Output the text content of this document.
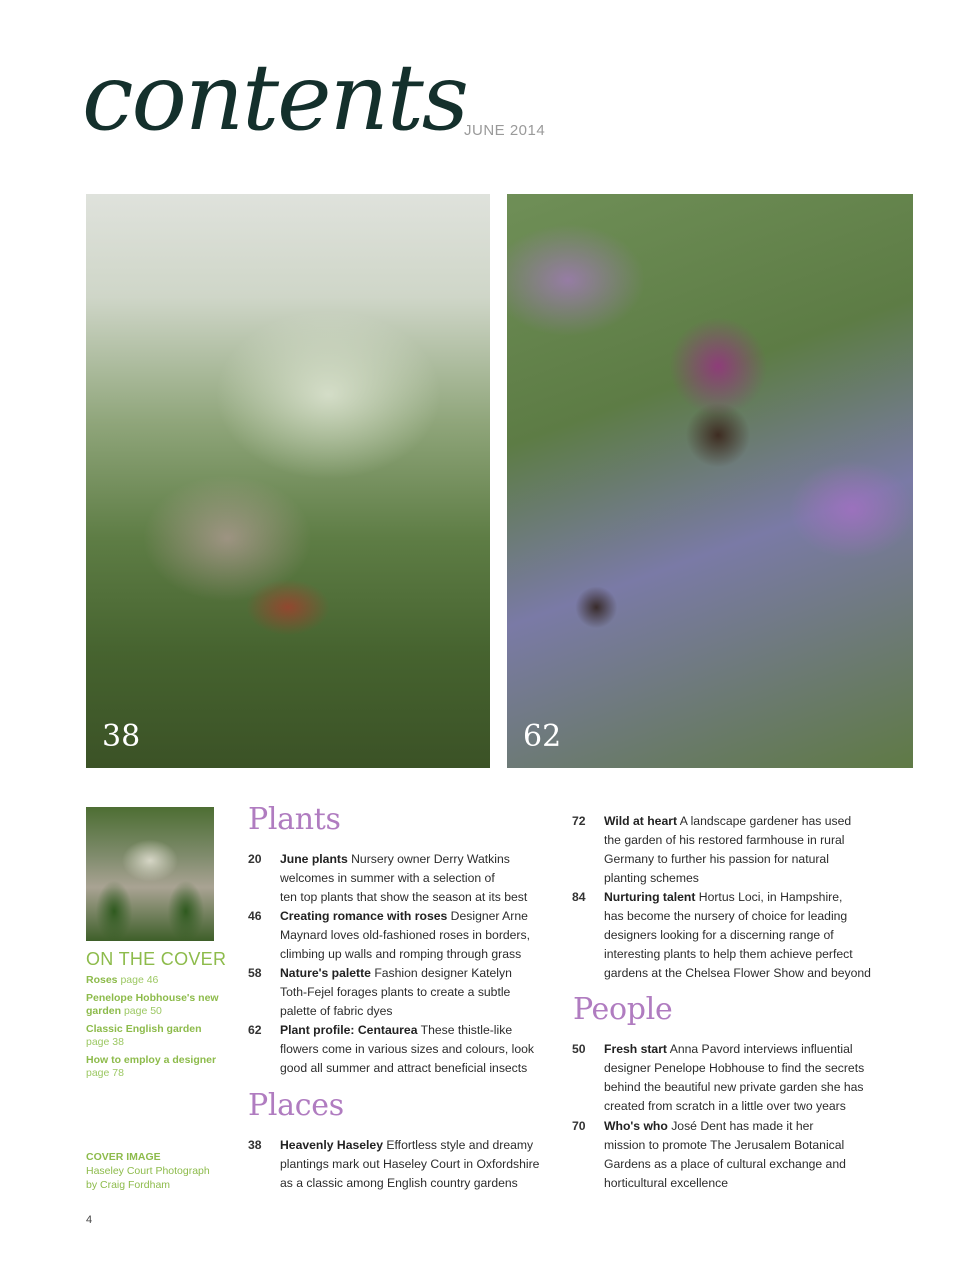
contents
JUNE 2014
38	62
ON THE COVER
Roses page 46
Penelope Hobhouse's new garden page 50
Classic English garden
page 38
How to employ a designer
page 78
COVER IMAGE
Haseley Court Photograph
by Craig Fordham
Plants
Places
People
20 June plants Nursery owner Derry Watkins
welcomes in summer with a selection of
ten top plants that show the season at its best
46 Creating romance with roses Designer Arne
Maynard loves old-fashioned roses in borders,
climbing up walls and romping through grass
58 Nature's palette Fashion designer Katelyn
Toth-Fejel forages plants to create a subtle
palette of fabric dyes
62 Plant profile: Centaurea These thistle-like
flowers come in various sizes and colours, look
good all summer and attract beneficial insects
38 Heavenly Haseley Effortless style and dreamy
plantings mark out Haseley Court in Oxfordshire
as a classic among English country gardens
72 Wild at heart A landscape gardener has used
the garden of his restored farmhouse in rural
Germany to further his passion for natural
planting schemes
84 Nurturing talent Hortus Loci, in Hampshire,
has become the nursery of choice for leading
designers looking for a discerning range of
interesting plants to help them achieve perfect
gardens at the Chelsea Flower Show and beyond
50 Fresh start Anna Pavord interviews influential
designer Penelope Hobhouse to find the secrets
behind the beautiful new private garden she has
created from scratch in a little over two years
70 Who's who José Dent has made it her
mission to promote The Jerusalem Botanical
Gardens as a place of cultural exchange and
horticultural excellence
4
